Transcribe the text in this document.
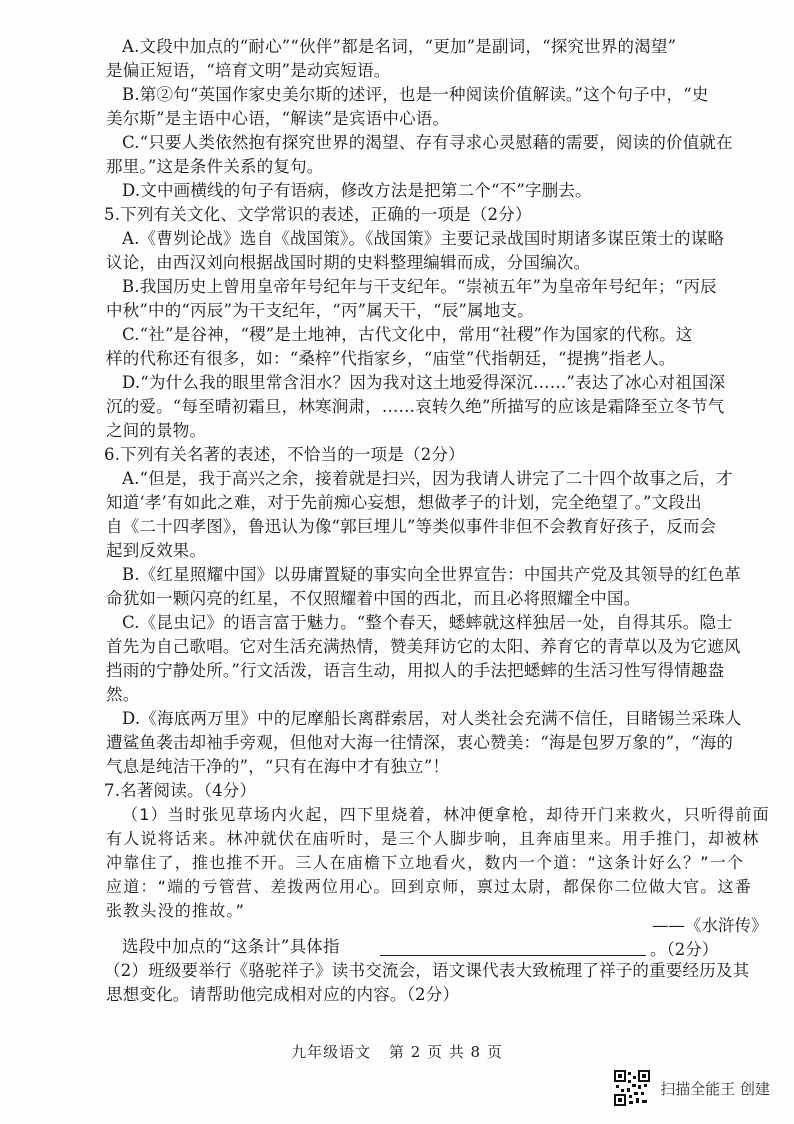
A.文段中加点的“耐心”“伙伴”都是名词，“更加”是副词，“探究世界的渴望”
是偏正短语，“培育文明”是动宾短语。
B.第②句“英国作家史美尔斯的述评，也是一种阅读价值解读。”这个句子中，“史
美尔斯”是主语中心语，“解读”是宾语中心语。
C.“只要人类依然抱有探究世界的渴望、存有寻求心灵慰藉的需要，阅读的价值就在
那里。”这是条件关系的复句。
D.文中画横线的句子有语病，修改方法是把第二个“不”字删去。
5.下列有关文化、文学常识的表述，正确的一项是（2分）
A.《曹刿论战》选自《战国策》。《战国策》主要记录战国时期诸多谋臣策士的谋略
议论，由西汉刘向根据战国时期的史料整理编辑而成，分国编次。
B.我国历史上曾用皇帝年号纪年与干支纪年。“崇祯五年”为皇帝年号纪年；“丙辰
中秋”中的“丙辰”为干支纪年，“丙”属天干，“辰”属地支。
C.“社”是谷神，“稷”是土地神，古代文化中，常用“社稷”作为国家的代称。这
样的代称还有很多，如：“桑梓”代指家乡，“庙堂”代指朝廷，“提携”指老人。
D.“为什么我的眼里常含泪水？因为我对这土地爱得深沉……”表达了冰心对祖国深
沉的爱。“每至晴初霜旦，林寒涧肃，……哀转久绝”所描写的应该是霜降至立冬节气
之间的景物。
6.下列有关名著的表述，不恰当的一项是（2分）
A.“但是，我于高兴之余，接着就是扫兴，因为我请人讲完了二十四个故事之后，才
知道‘孝’有如此之难，对于先前痴心妄想，想做孝子的计划，完全绝望了。”文段出
自《二十四孝图》，鲁迅认为像“郭巨埋儿”等类似事件非但不会教育好孩子，反而会
起到反效果。
B.《红星照耀中国》以毋庸置疑的事实向全世界宣告：中国共产党及其领导的红色革
命犹如一颗闪亮的红星，不仅照耀着中国的西北，而且必将照耀全中国。
C.《昆虫记》的语言富于魅力。“整个春天，蟋蟀就这样独居一处，自得其乐。隐士
首先为自己歌唱。它对生活充满热情，赞美拜访它的太阳、养育它的青草以及为它遮风
挡雨的宁静处所。”行文活泼，语言生动，用拟人的手法把蟋蟀的生活习性写得情趣盎
然。
D.《海底两万里》中的尼摩船长离群索居，对人类社会充满不信任，目睹锡兰采珠人
遭鲨鱼袭击却袖手旁观，但他对大海一往情深，衷心赞美：“海是包罗万象的”，“海的
气息是纯洁干净的”，“只有在海中才有独立”！
7.名著阅读。（4分）
（1）当时张见草场内火起，四下里烧着，林冲便拿枪，却待开门来救火，只听得前面
有人说将话来。林冲就伏在庙听时，是三个人脚步响，且奔庙里来。用手推门，却被林
冲靠住了，推也推不开。三人在庙檐下立地看火，数内一个道：“这条计好么？”一个
应道：“端的亏管营、差拨两位用心。回到京师，禀过太尉，都保你二位做大官。这番
张教头没的推故。”
选段中加点的“这条计”具体指
（2）班级要举行《骆驼祥子》读书交流会，语文课代表大致梳理了祥子的重要经历及其
思想变化。请帮助他完成相对应的内容。（2分）
——《水浒传》
。（2分）
九年级语文 第 2 页 共 8 页
扫描全能王 创建
